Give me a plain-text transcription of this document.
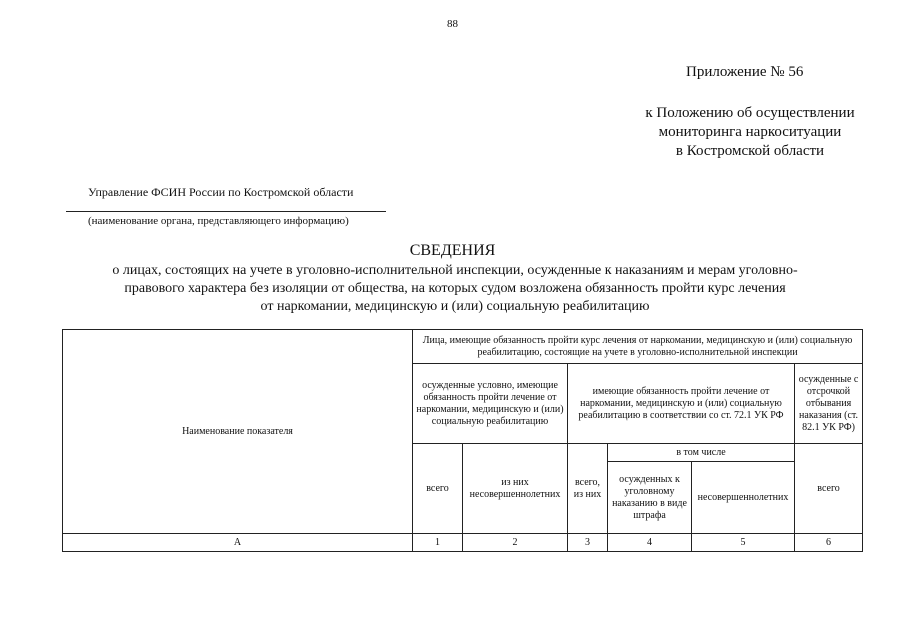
88
Приложение № 56
к Положению об осуществлении
мониторинга наркоситуации
в Костромской области
Управление ФСИН России по Костромской области
(наименование органа, представляющего информацию)
СВЕДЕНИЯ
о лицах, состоящих на учете в уголовно-исполнительной инспекции, осужденные к наказаниям и мерам уголовно-
правового характера без изоляции от общества, на которых судом возложена обязанность пройти курс лечения
от наркомании, медицинскую и (или) социальную реабилитацию
Наименование показателя	Лица, имеющие обязанность пройти курс лечения от наркомании, медицинскую и (или) социальную реабилитацию, состоящие на учете в уголовно-исполнительной инспекции					
	осужденные условно, имеющие обязанность пройти лечение от наркомании, медицинскую и (или) социальную реабилитацию		имеющие обязанность пройти лечение от наркомании, медицинскую и (или) социальную реабилитацию в соответствии со ст. 72.1 УК РФ			осужденные с отсрочкой отбывания наказания (ст. 82.1 УК РФ)
	всего	из них несовершеннолетних	всего, из них	в том числе		всего
				осужденных к уголовному наказанию в виде штрафа	несовершеннолетних	
А	1	2	3	4	5	6
